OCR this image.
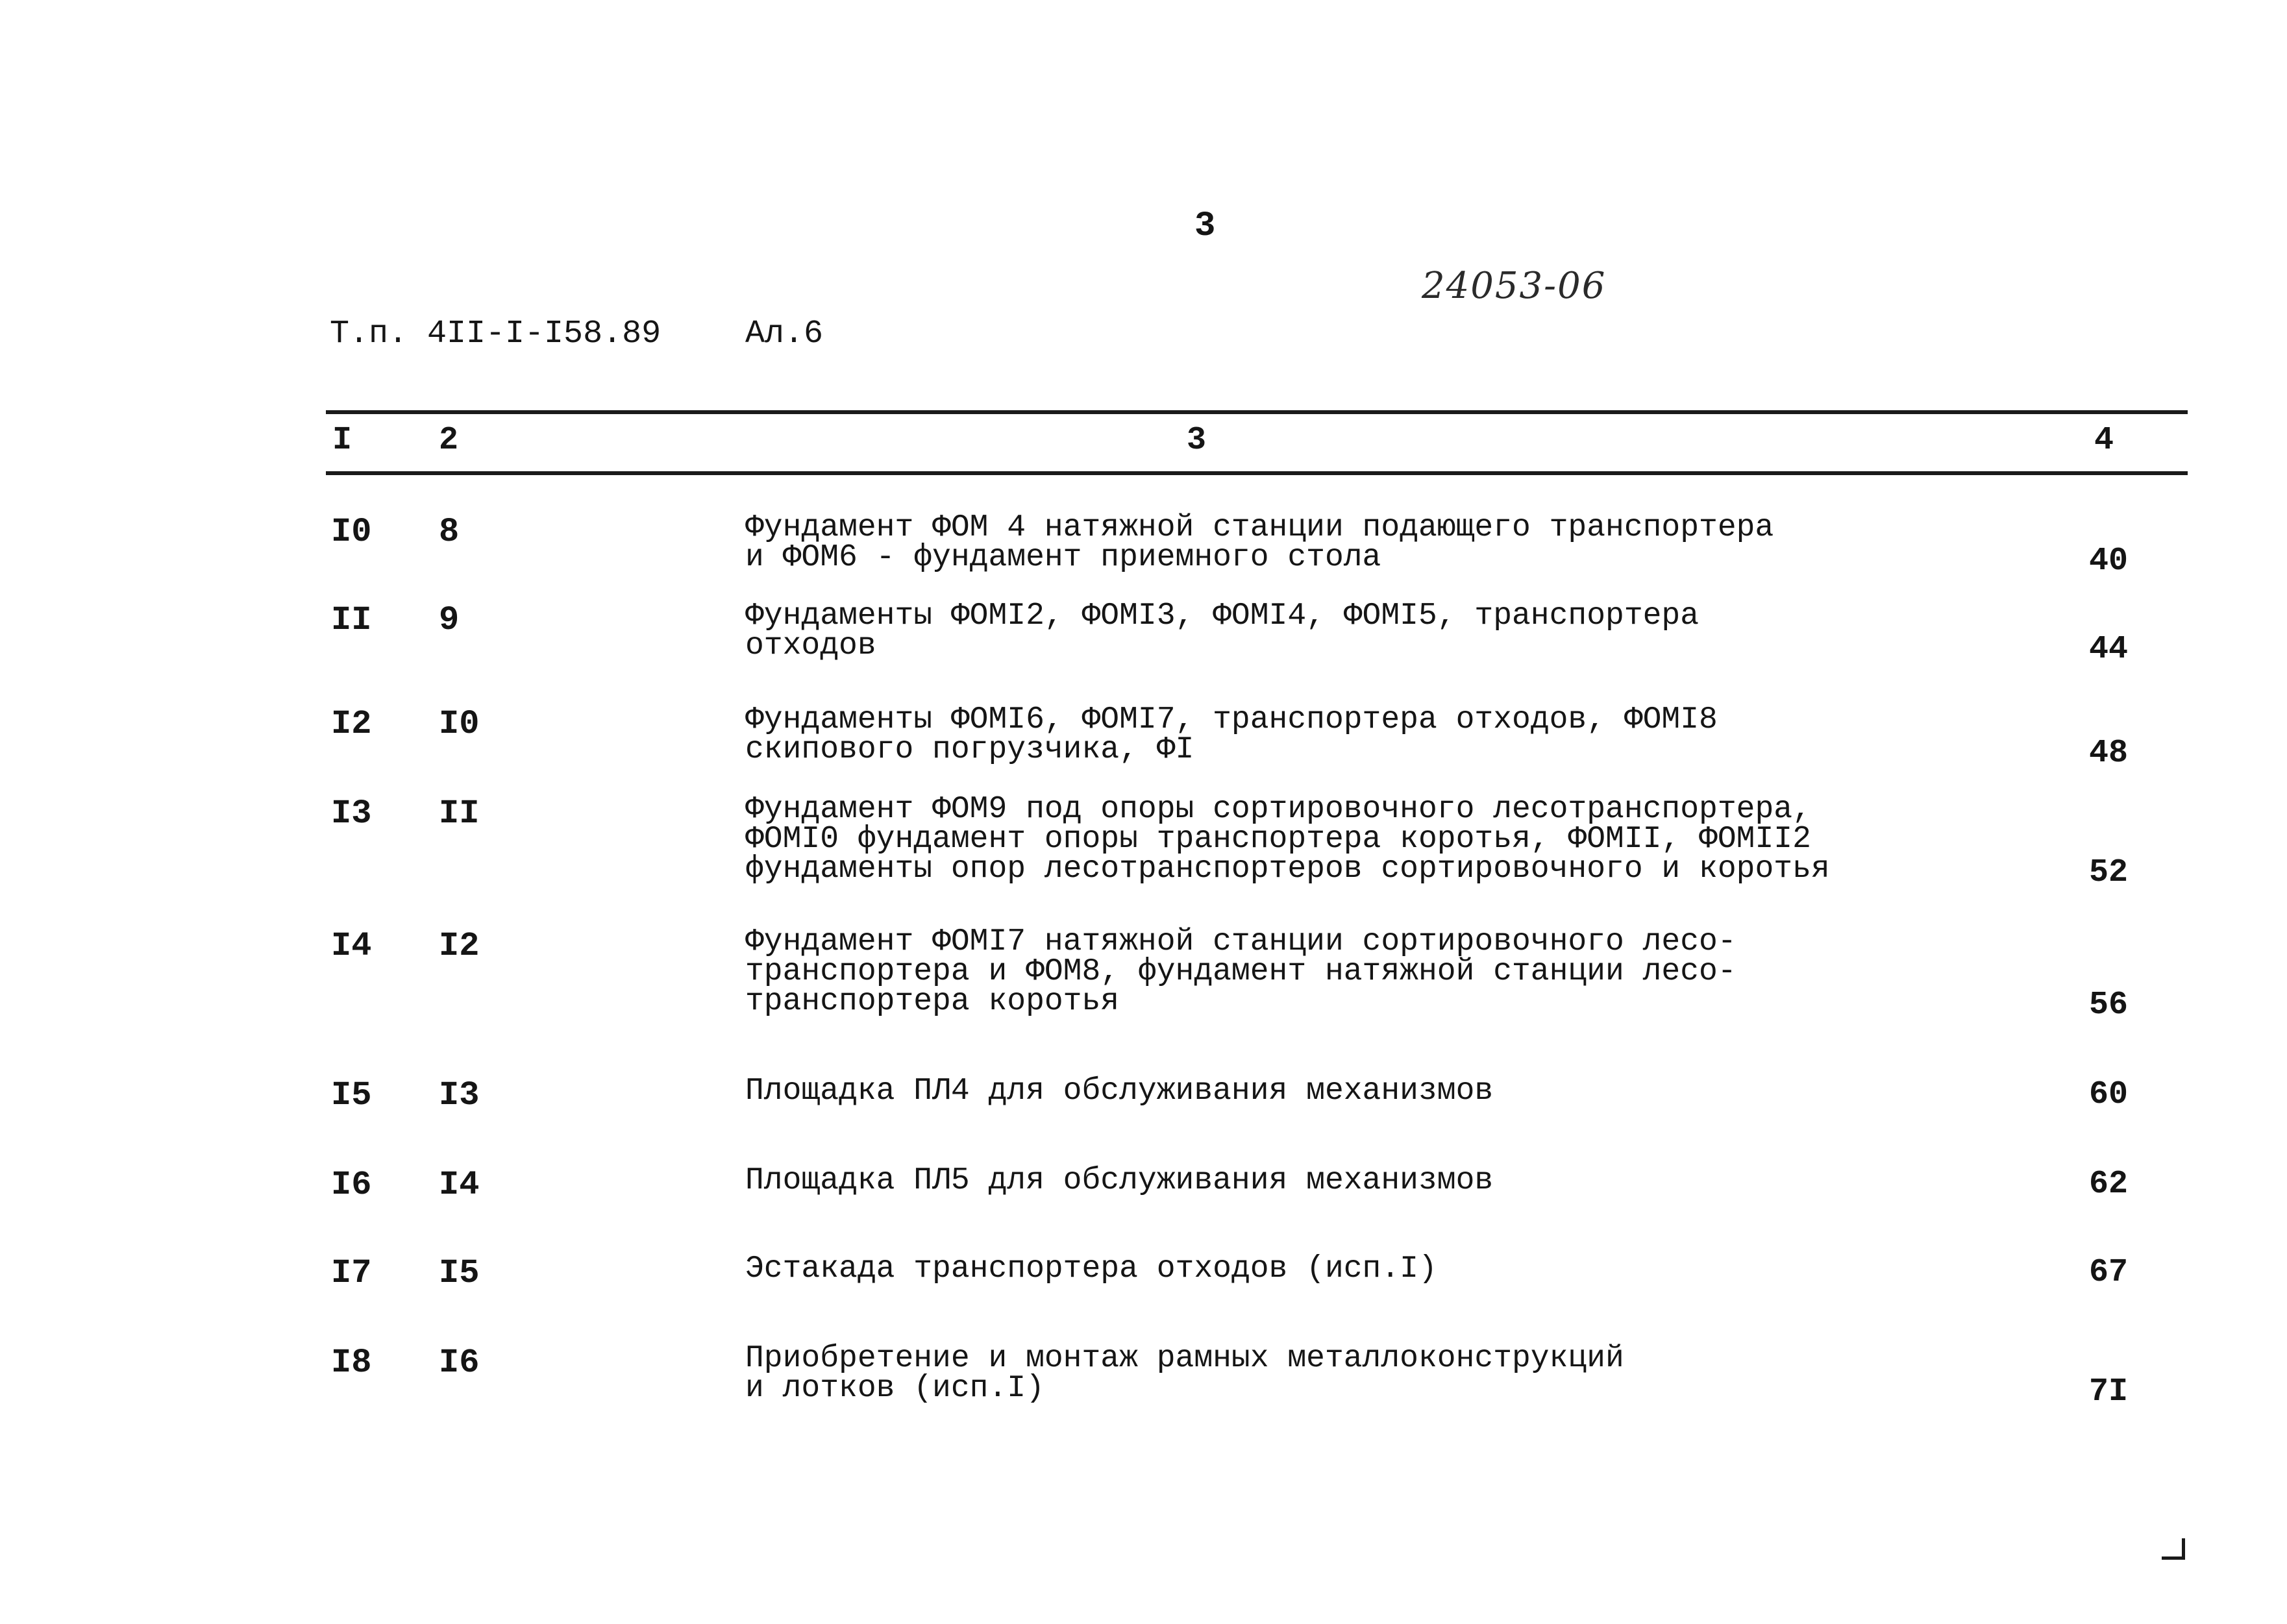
3
24053-06
Т.п. 4II-I-I58.89	Ал.6
I	2	3	4
I0 8	Фундамент ФОМ 4 натяжной станции подающего транспортера
и ФОМ6 - фундамент приемного стола	40
II 9	Фундаменты ФОМI2, ФОМI3, ФОМI4, ФОМI5, транспортера
отходов	44
I2 I0	Фундаменты ФОМI6, ФОМI7, транспортера отходов, ФОМI8
скипового погрузчика, ФI	48
I3 II	Фундамент ФОМ9 под опоры сортировочного лесотранспортера,
ФОМI0 фундамент опоры транспортера коротья, ФОМII, ФОМII2
фундаменты опор лесотранспортеров сортировочного и коротья	52
I4 I2	Фундамент ФОМI7 натяжной станции сортировочного лесо-
транспортера и ФОМ8, фундамент натяжной станции лесо-
транспортера коротья	56
I5 I3	Площадка ПЛ4 для обслуживания механизмов	60
I6 I4	Площадка ПЛ5 для обслуживания механизмов	62
I7 I5	Эстакада транспортера отходов (исп.I)	67
I8 I6	Приобретение и монтаж рамных металлоконструкций
и лотков (исп.I)	7I
